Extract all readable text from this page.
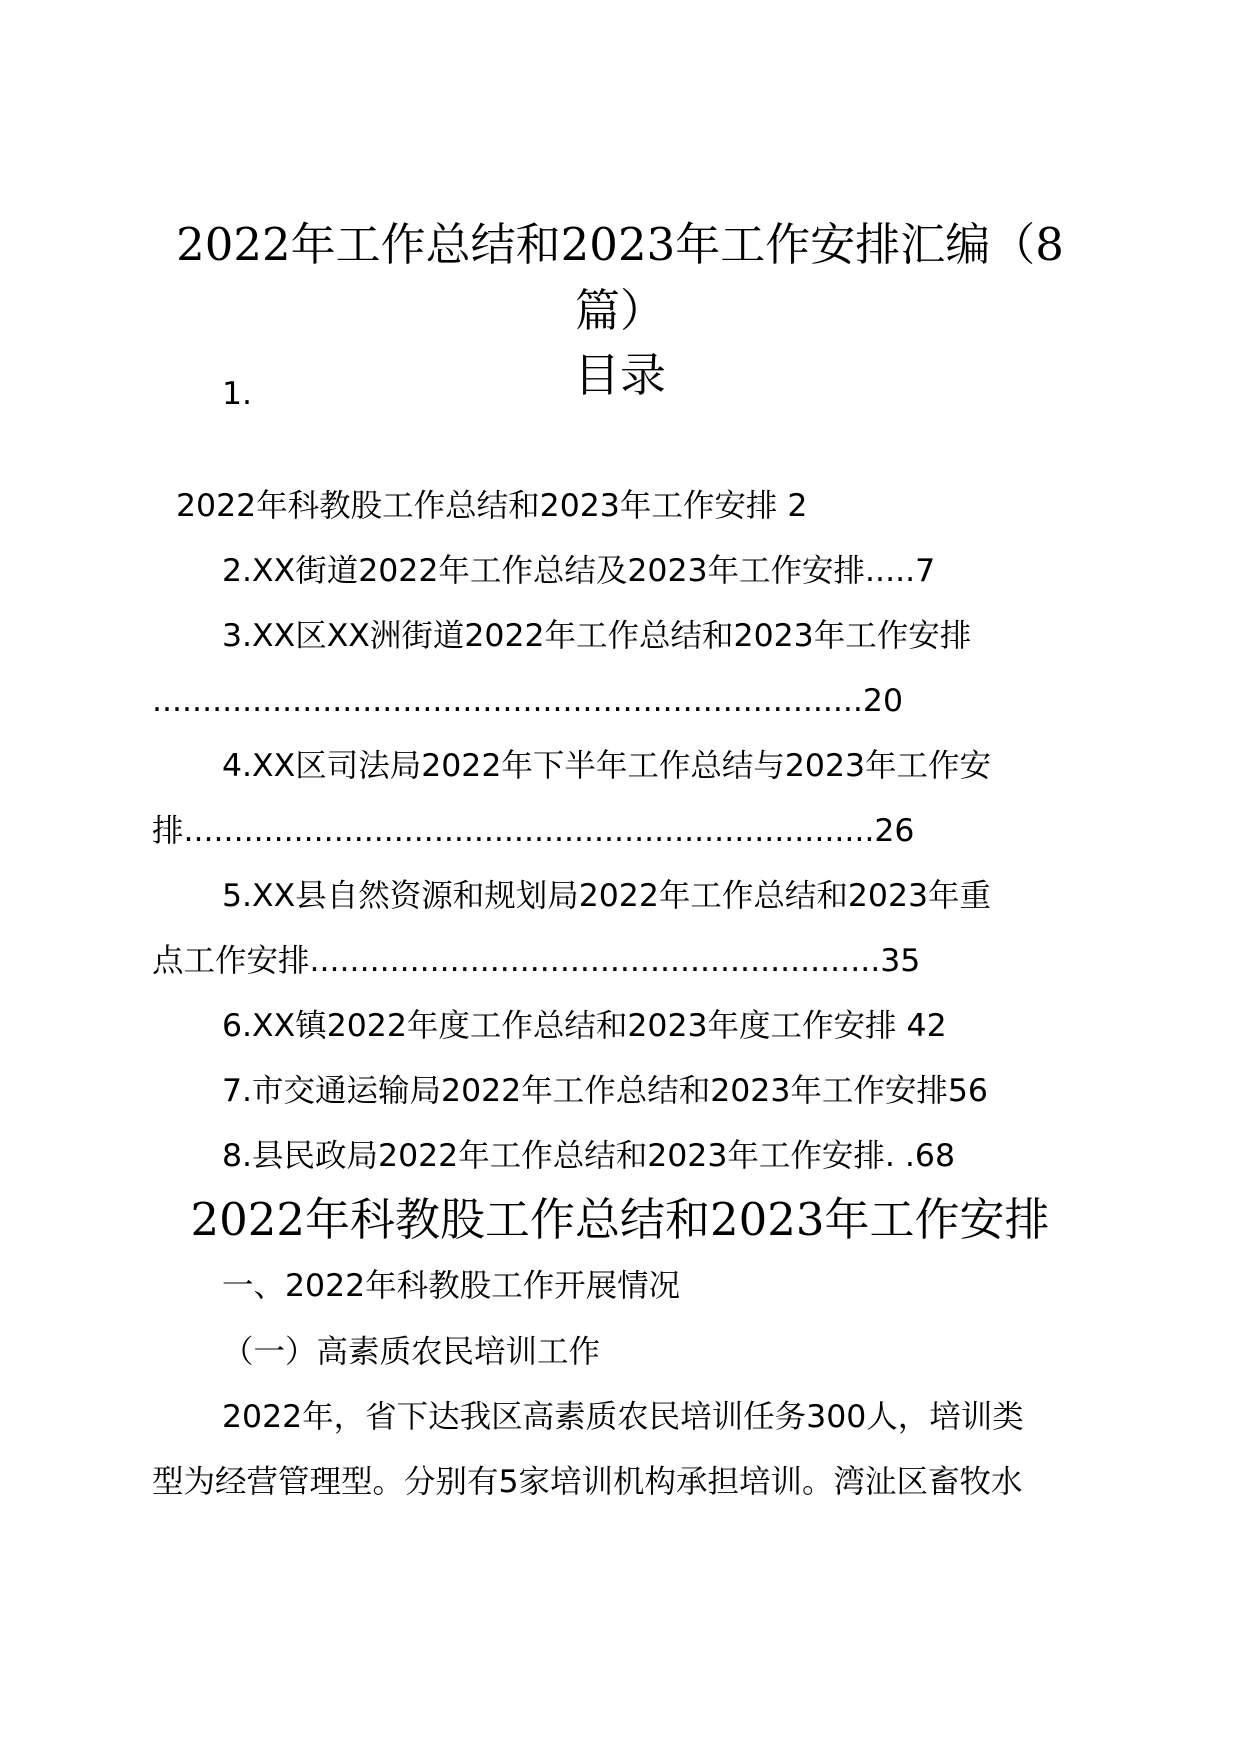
2022年工作总结和2023年工作安排汇编（8
篇）
目录
1.
2022年科教股工作总结和2023年工作安排 2
2.XX街道2022年工作总结及2023年工作安排.....7
3.XX区XX洲街道2022年工作总结和2023年工作安排
.......................................................................20
4.XX区司法局2022年下半年工作总结与2023年工作安
排.....................................................................26
5.XX县自然资源和规划局2022年工作总结和2023年重
点工作安排.........................................................35
6.XX镇2022年度工作总结和2023年度工作安排 42
7.市交通运输局2022年工作总结和2023年工作安排56
8.县民政局2022年工作总结和2023年工作安排. .68
2022年科教股工作总结和2023年工作安排
一、2022年科教股工作开展情况
（一）高素质农民培训工作
2022年，省下达我区高素质农民培训任务300人，培训类
型为经营管理型。分别有5家培训机构承担培训。湾沚区畜牧水
